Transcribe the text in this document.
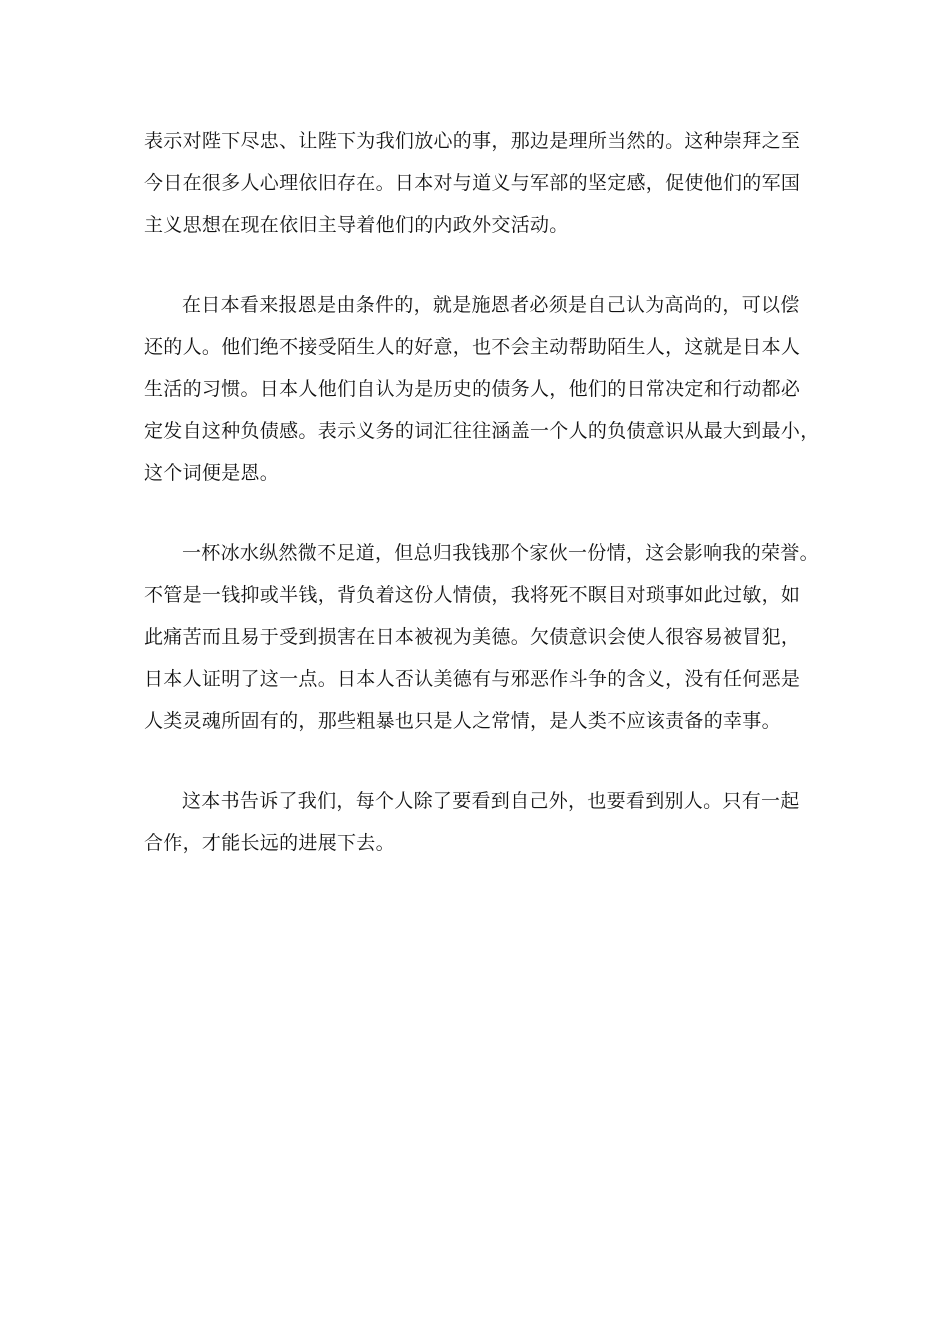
表示对陛下尽忠、让陛下为我们放心的事，那边是理所当然的。这种崇拜之至
今日在很多人心理依旧存在。日本对与道义与军部的坚定感，促使他们的军国
主义思想在现在依旧主导着他们的内政外交活动。
在日本看来报恩是由条件的，就是施恩者必须是自己认为高尚的，可以偿
还的人。他们绝不接受陌生人的好意，也不会主动帮助陌生人，这就是日本人
生活的习惯。日本人他们自认为是历史的债务人，他们的日常决定和行动都必
定发自这种负债感。表示义务的词汇往往涵盖一个人的负债意识从最大到最小，
这个词便是恩。
一杯冰水纵然微不足道，但总归我钱那个家伙一份情，这会影响我的荣誉。
不管是一钱抑或半钱，背负着这份人情债，我将死不瞑目对琐事如此过敏，如
此痛苦而且易于受到损害在日本被视为美德。欠债意识会使人很容易被冒犯，
日本人证明了这一点。日本人否认美德有与邪恶作斗争的含义，没有任何恶是
人类灵魂所固有的，那些粗暴也只是人之常情，是人类不应该责备的幸事。
这本书告诉了我们，每个人除了要看到自己外，也要看到别人。只有一起
合作，才能长远的进展下去。
